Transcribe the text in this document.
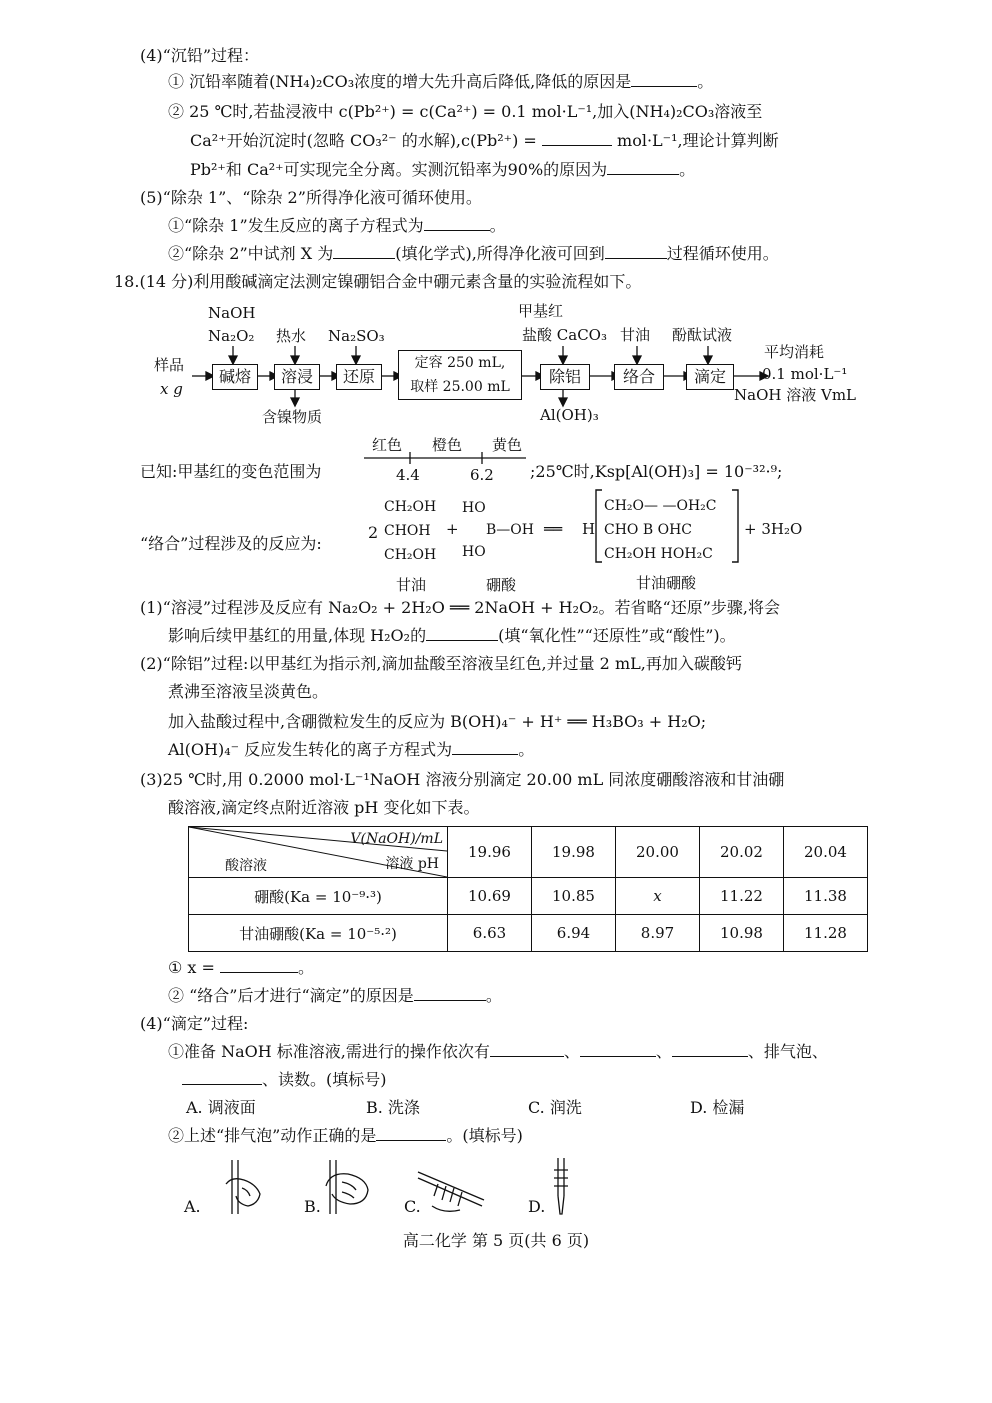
(4)“沉铅”过程：
① 沉铅率随着(NH₄)₂CO₃浓度的增大先升高后降低,降低的原因是	。
② 25 ℃时,若盐浸液中 c(Pb²⁺) = c(Ca²⁺) = 0.1 mol·L⁻¹,加入(NH₄)₂CO₃溶液至
Ca²⁺开始沉淀时(忽略 CO₃²⁻ 的水解),c(Pb²⁺) =	mol·L⁻¹,理论计算判断
Pb²⁺和 Ca²⁺可实现完全分离。实测沉铅率为90%的原因为	。
(5)“除杂 1”、“除杂 2”所得净化液可循环使用。
①“除杂 1”发生反应的离子方程式为	。
②“除杂 2”中试剂 X 为	(填化学式),所得净化液可回到	过程循环使用。
18.(14 分)利用酸碱滴定法测定镍硼铝合金中硼元素含量的实验流程如下。
样品
x g
NaOH
Na₂O₂ 热水 Na₂SO₃
甲基红
盐酸 CaCO₃ 甘油 酚酞试液
碱熔	溶浸	还原
定容 250 mL,
取样 25.00 mL
除铝	络合	滴定
含镍物质	Al(OH)₃
平均消耗
0.1 mol·L⁻¹
NaOH 溶液 VmL
已知:甲基红的变色范围为
红色 橙色 黄色
4.4	6.2 ;25℃时,Ksp[Al(OH)₃] = 10⁻³²·⁹;
“络合”过程涉及的反应为:
2
CH₂OH
CHOH
CH₂OH
+
HO
B—OH
HO
══ H
CH₂O— —OH₂C
CHO B OHC
CH₂OH HOH₂C
+ 3H₂O
甘油	硼酸	甘油硼酸
(1)“溶浸”过程涉及反应有 Na₂O₂ + 2H₂O ══ 2NaOH + H₂O₂。若省略“还原”步骤,将会
影响后续甲基红的用量,体现 H₂O₂的	(填“氧化性”“还原性”或“酸性”)。
(2)“除铝”过程:以甲基红为指示剂,滴加盐酸至溶液呈红色,并过量 2 mL,再加入碳酸钙
煮沸至溶液呈淡黄色。
加入盐酸过程中,含硼微粒发生的反应为 B(OH)₄⁻ + H⁺ ══ H₃BO₃ + H₂O;
Al(OH)₄⁻ 反应发生转化的离子方程式为	。
(3)25 ℃时,用 0.2000 mol·L⁻¹NaOH 溶液分别滴定 20.00 mL 同浓度硼酸溶液和甘油硼
酸溶液,滴定终点附近溶液 pH 变化如下表。
V(NaOH)/mL
溶液 pH
酸溶液	19.96	19.98	20.00	20.02	20.04
硼酸(Ka = 10⁻⁹·³)	10.69	10.85	x	11.22	11.38
甘油硼酸(Ka = 10⁻⁵·²)	6.63	6.94	8.97	10.98	11.28
① x =	。
② “络合”后才进行“滴定”的原因是	。
(4)“滴定”过程:
①准备 NaOH 标准溶液,需进行的操作依次有	、	、	、排气泡、
、读数。(填标号)
A. 调液面	B. 洗涤	C. 润洗	D. 检漏
②上述“排气泡”动作正确的是	。(填标号)
A.	B.	C.	D.
高二化学 第 5 页(共 6 页)
